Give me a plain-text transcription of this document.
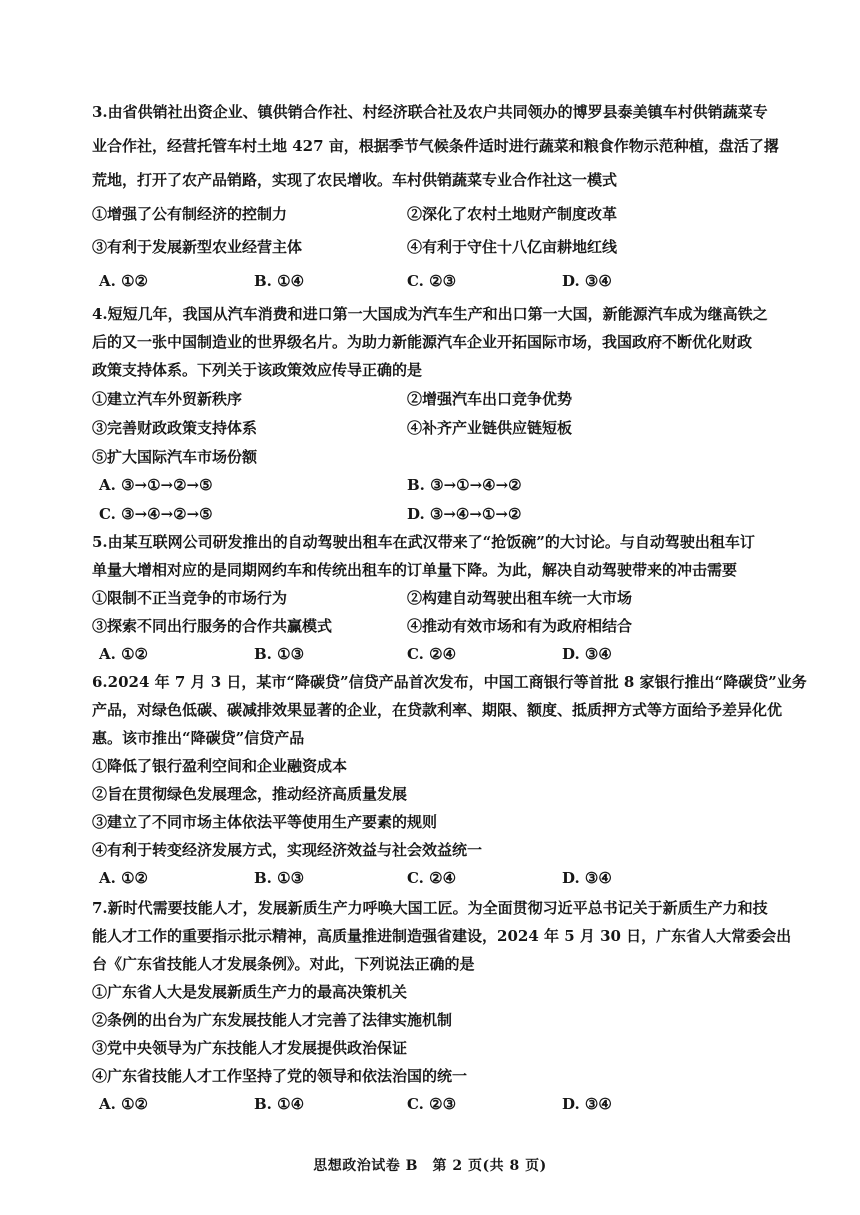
3.由省供销社出资企业、镇供销合作社、村经济联合社及农户共同领办的博罗县泰美镇车村供销蔬菜专
业合作社，经营托管车村土地 427 亩，根据季节气候条件适时进行蔬菜和粮食作物示范种植，盘活了撂
荒地，打开了农产品销路，实现了农民增收。车村供销蔬菜专业合作社这一模式
①增强了公有制经济的控制力	②深化了农村土地财产制度改革
③有利于发展新型农业经营主体	④有利于守住十八亿亩耕地红线
A. ①②	B. ①④	C. ②③	D. ③④
4.短短几年，我国从汽车消费和进口第一大国成为汽车生产和出口第一大国，新能源汽车成为继高铁之
后的又一张中国制造业的世界级名片。为助力新能源汽车企业开拓国际市场，我国政府不断优化财政
政策支持体系。下列关于该政策效应传导正确的是
①建立汽车外贸新秩序	②增强汽车出口竞争优势
③完善财政政策支持体系	④补齐产业链供应链短板
⑤扩大国际汽车市场份额
A. ③→①→②→⑤	B. ③→①→④→②
C. ③→④→②→⑤	D. ③→④→①→②
5.由某互联网公司研发推出的自动驾驶出租车在武汉带来了“抢饭碗”的大讨论。与自动驾驶出租车订
单量大增相对应的是同期网约车和传统出租车的订单量下降。为此，解决自动驾驶带来的冲击需要
①限制不正当竞争的市场行为	②构建自动驾驶出租车统一大市场
③探索不同出行服务的合作共赢模式	④推动有效市场和有为政府相结合
A. ①②	B. ①③	C. ②④	D. ③④
6.2024 年 7 月 3 日，某市“降碳贷”信贷产品首次发布，中国工商银行等首批 8 家银行推出“降碳贷”业务
产品，对绿色低碳、碳减排效果显著的企业，在贷款利率、期限、额度、抵质押方式等方面给予差异化优
惠。该市推出“降碳贷”信贷产品
①降低了银行盈利空间和企业融资成本
②旨在贯彻绿色发展理念，推动经济高质量发展
③建立了不同市场主体依法平等使用生产要素的规则
④有利于转变经济发展方式，实现经济效益与社会效益统一
A. ①②	B. ①③	C. ②④	D. ③④
7.新时代需要技能人才，发展新质生产力呼唤大国工匠。为全面贯彻习近平总书记关于新质生产力和技
能人才工作的重要指示批示精神，高质量推进制造强省建设，2024 年 5 月 30 日，广东省人大常委会出
台《广东省技能人才发展条例》。对此，下列说法正确的是
①广东省人大是发展新质生产力的最高决策机关
②条例的出台为广东发展技能人才完善了法律实施机制
③党中央领导为广东技能人才发展提供政治保证
④广东省技能人才工作坚持了党的领导和依法治国的统一
A. ①②	B. ①④	C. ②③	D. ③④
思想政治试卷 B　第 2 页(共 8 页)
